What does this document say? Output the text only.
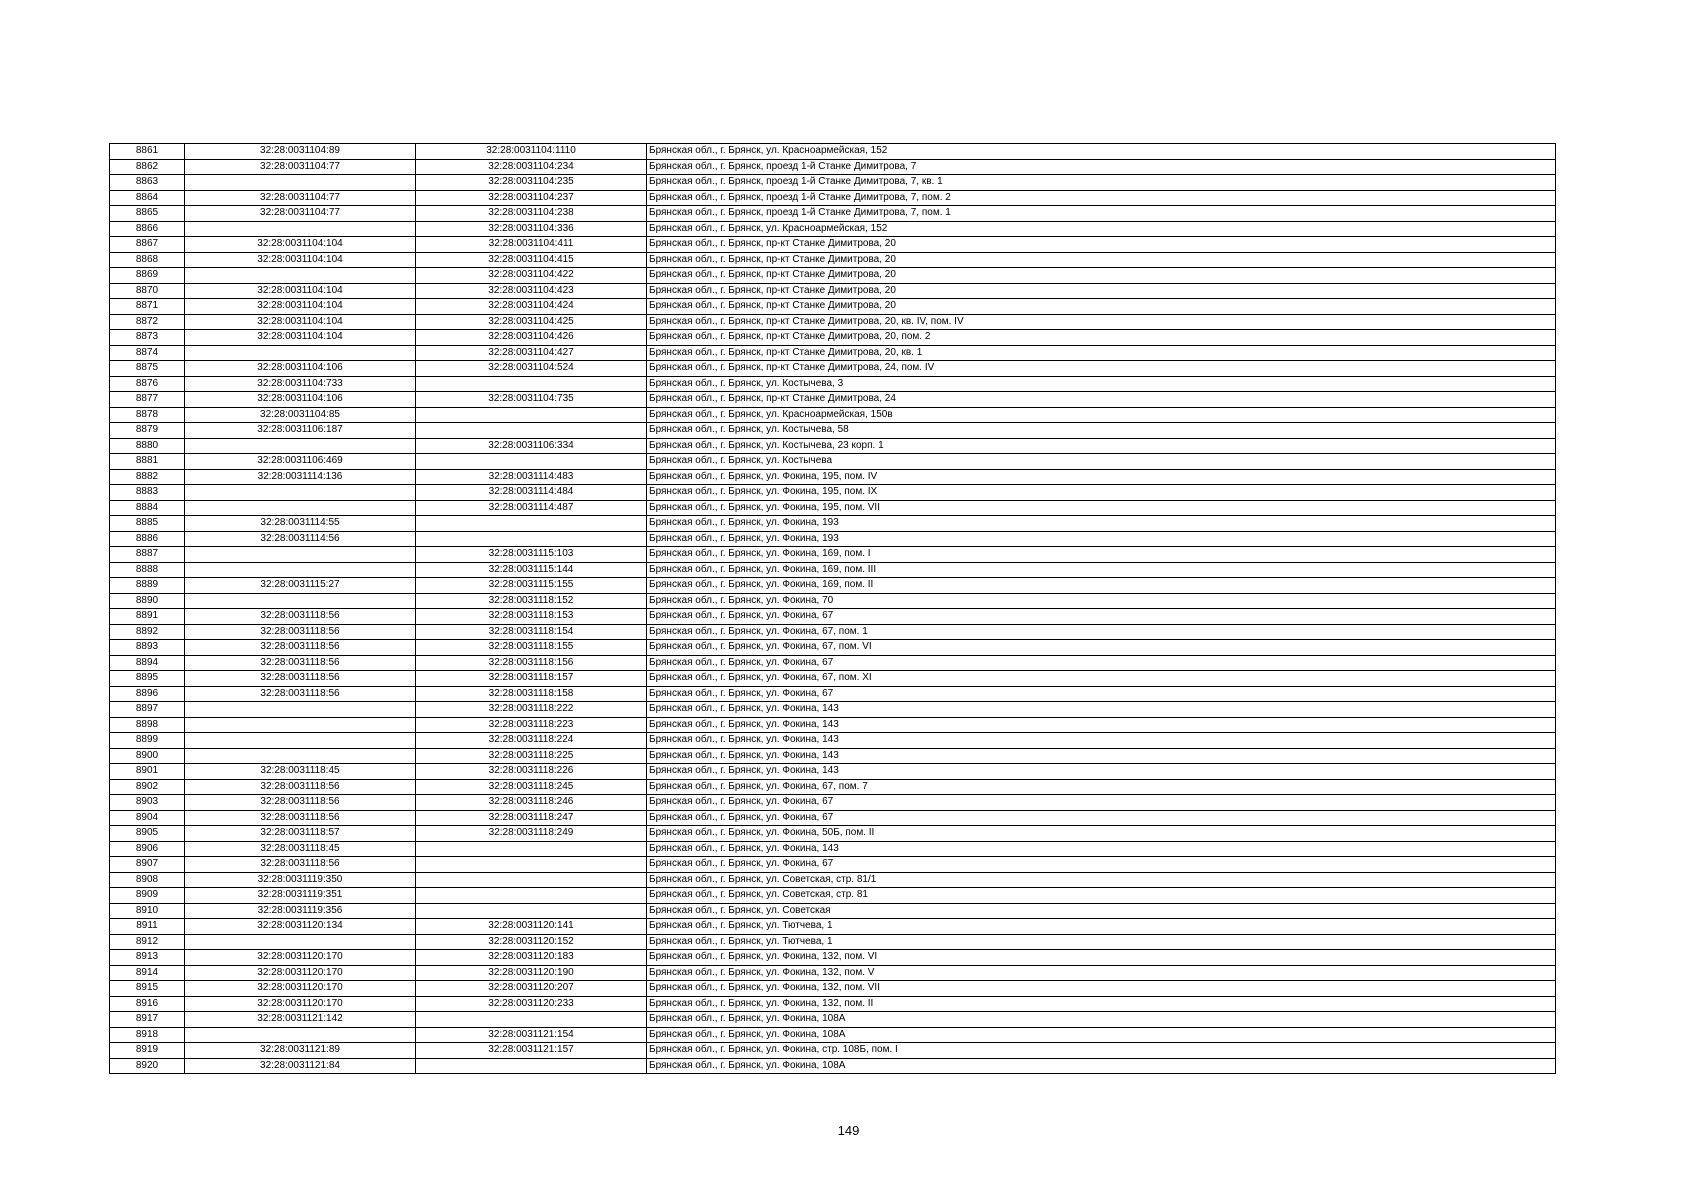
8861	32:28:0031104:89	32:28:0031104:1110	Брянская обл., г. Брянск, ул. Красноармейская, 152
8862	32:28:0031104:77	32:28:0031104:234	Брянская обл., г. Брянск, проезд 1-й Станке Димитрова, 7
8863		32:28:0031104:235	Брянская обл., г. Брянск, проезд 1-й Станке Димитрова, 7, кв. 1
8864	32:28:0031104:77	32:28:0031104:237	Брянская обл., г. Брянск, проезд 1-й Станке Димитрова, 7, пом. 2
8865	32:28:0031104:77	32:28:0031104:238	Брянская обл., г. Брянск, проезд 1-й Станке Димитрова, 7, пом. 1
8866		32:28:0031104:336	Брянская обл., г. Брянск, ул. Красноармейская, 152
8867	32:28:0031104:104	32:28:0031104:411	Брянская обл., г. Брянск, пр-кт Станке Димитрова, 20
8868	32:28:0031104:104	32:28:0031104:415	Брянская обл., г. Брянск, пр-кт Станке Димитрова, 20
8869		32:28:0031104:422	Брянская обл., г. Брянск, пр-кт Станке Димитрова, 20
8870	32:28:0031104:104	32:28:0031104:423	Брянская обл., г. Брянск, пр-кт Станке Димитрова, 20
8871	32:28:0031104:104	32:28:0031104:424	Брянская обл., г. Брянск, пр-кт Станке Димитрова, 20
8872	32:28:0031104:104	32:28:0031104:425	Брянская обл., г. Брянск, пр-кт Станке Димитрова, 20, кв. IV, пом. IV
8873	32:28:0031104:104	32:28:0031104:426	Брянская обл., г. Брянск, пр-кт Станке Димитрова, 20, пом. 2
8874		32:28:0031104:427	Брянская обл., г. Брянск, пр-кт Станке Димитрова, 20, кв. 1
8875	32:28:0031104:106	32:28:0031104:524	Брянская обл., г. Брянск, пр-кт Станке Димитрова, 24, пом. IV
8876	32:28:0031104:733		Брянская обл., г. Брянск, ул. Костычева, 3
8877	32:28:0031104:106	32:28:0031104:735	Брянская обл., г. Брянск, пр-кт Станке Димитрова, 24
8878	32:28:0031104:85		Брянская обл., г. Брянск, ул. Красноармейская, 150в
8879	32:28:0031106:187		Брянская обл., г. Брянск, ул. Костычева, 58
8880		32:28:0031106:334	Брянская обл., г. Брянск, ул. Костычева, 23 корп. 1
8881	32:28:0031106:469		Брянская обл., г. Брянск, ул. Костычева
8882	32:28:0031114:136	32:28:0031114:483	Брянская обл., г. Брянск, ул. Фокина, 195, пом. IV
8883		32:28:0031114:484	Брянская обл., г. Брянск, ул. Фокина, 195, пом. IX
8884		32:28:0031114:487	Брянская обл., г. Брянск, ул. Фокина, 195, пом. VII
8885	32:28:0031114:55		Брянская обл., г. Брянск, ул. Фокина, 193
8886	32:28:0031114:56		Брянская обл., г. Брянск, ул. Фокина, 193
8887		32:28:0031115:103	Брянская обл., г. Брянск, ул. Фокина, 169, пом. I
8888		32:28:0031115:144	Брянская обл., г. Брянск, ул. Фокина, 169, пом. III
8889	32:28:0031115:27	32:28:0031115:155	Брянская обл., г. Брянск, ул. Фокина, 169, пом. II
8890		32:28:0031118:152	Брянская обл., г. Брянск, ул. Фокина, 70
8891	32:28:0031118:56	32:28:0031118:153	Брянская обл., г. Брянск, ул. Фокина, 67
8892	32:28:0031118:56	32:28:0031118:154	Брянская обл., г. Брянск, ул. Фокина, 67, пом. 1
8893	32:28:0031118:56	32:28:0031118:155	Брянская обл., г. Брянск, ул. Фокина, 67, пом. VI
8894	32:28:0031118:56	32:28:0031118:156	Брянская обл., г. Брянск, ул. Фокина, 67
8895	32:28:0031118:56	32:28:0031118:157	Брянская обл., г. Брянск, ул. Фокина, 67, пом. XI
8896	32:28:0031118:56	32:28:0031118:158	Брянская обл., г. Брянск, ул. Фокина, 67
8897		32:28:0031118:222	Брянская обл., г. Брянск, ул. Фокина, 143
8898		32:28:0031118:223	Брянская обл., г. Брянск, ул. Фокина, 143
8899		32:28:0031118:224	Брянская обл., г. Брянск, ул. Фокина, 143
8900		32:28:0031118:225	Брянская обл., г. Брянск, ул. Фокина, 143
8901	32:28:0031118:45	32:28:0031118:226	Брянская обл., г. Брянск, ул. Фокина, 143
8902	32:28:0031118:56	32:28:0031118:245	Брянская обл., г. Брянск, ул. Фокина, 67, пом. 7
8903	32:28:0031118:56	32:28:0031118:246	Брянская обл., г. Брянск, ул. Фокина, 67
8904	32:28:0031118:56	32:28:0031118:247	Брянская обл., г. Брянск, ул. Фокина, 67
8905	32:28:0031118:57	32:28:0031118:249	Брянская обл., г. Брянск, ул. Фокина, 50Б, пом. II
8906	32:28:0031118:45		Брянская обл., г. Брянск, ул. Фокина, 143
8907	32:28:0031118:56		Брянская обл., г. Брянск, ул. Фокина, 67
8908	32:28:0031119:350		Брянская обл., г. Брянск, ул. Советская, стр. 81/1
8909	32:28:0031119:351		Брянская обл., г. Брянск, ул. Советская, стр. 81
8910	32:28:0031119:356		Брянская обл., г. Брянск, ул. Советская
8911	32:28:0031120:134	32:28:0031120:141	Брянская обл., г. Брянск, ул. Тютчева, 1
8912		32:28:0031120:152	Брянская обл., г. Брянск, ул. Тютчева, 1
8913	32:28:0031120:170	32:28:0031120:183	Брянская обл., г. Брянск, ул. Фокина, 132, пом. VI
8914	32:28:0031120:170	32:28:0031120:190	Брянская обл., г. Брянск, ул. Фокина, 132, пом. V
8915	32:28:0031120:170	32:28:0031120:207	Брянская обл., г. Брянск, ул. Фокина, 132, пом. VII
8916	32:28:0031120:170	32:28:0031120:233	Брянская обл., г. Брянск, ул. Фокина, 132, пом. II
8917	32:28:0031121:142		Брянская обл., г. Брянск, ул. Фокина, 108А
8918		32:28:0031121:154	Брянская обл., г. Брянск, ул. Фокина, 108А
8919	32:28:0031121:89	32:28:0031121:157	Брянская обл., г. Брянск, ул. Фокина, стр. 108Б, пом. I
8920	32:28:0031121:84		Брянская обл., г. Брянск, ул. Фокина, 108А
149
